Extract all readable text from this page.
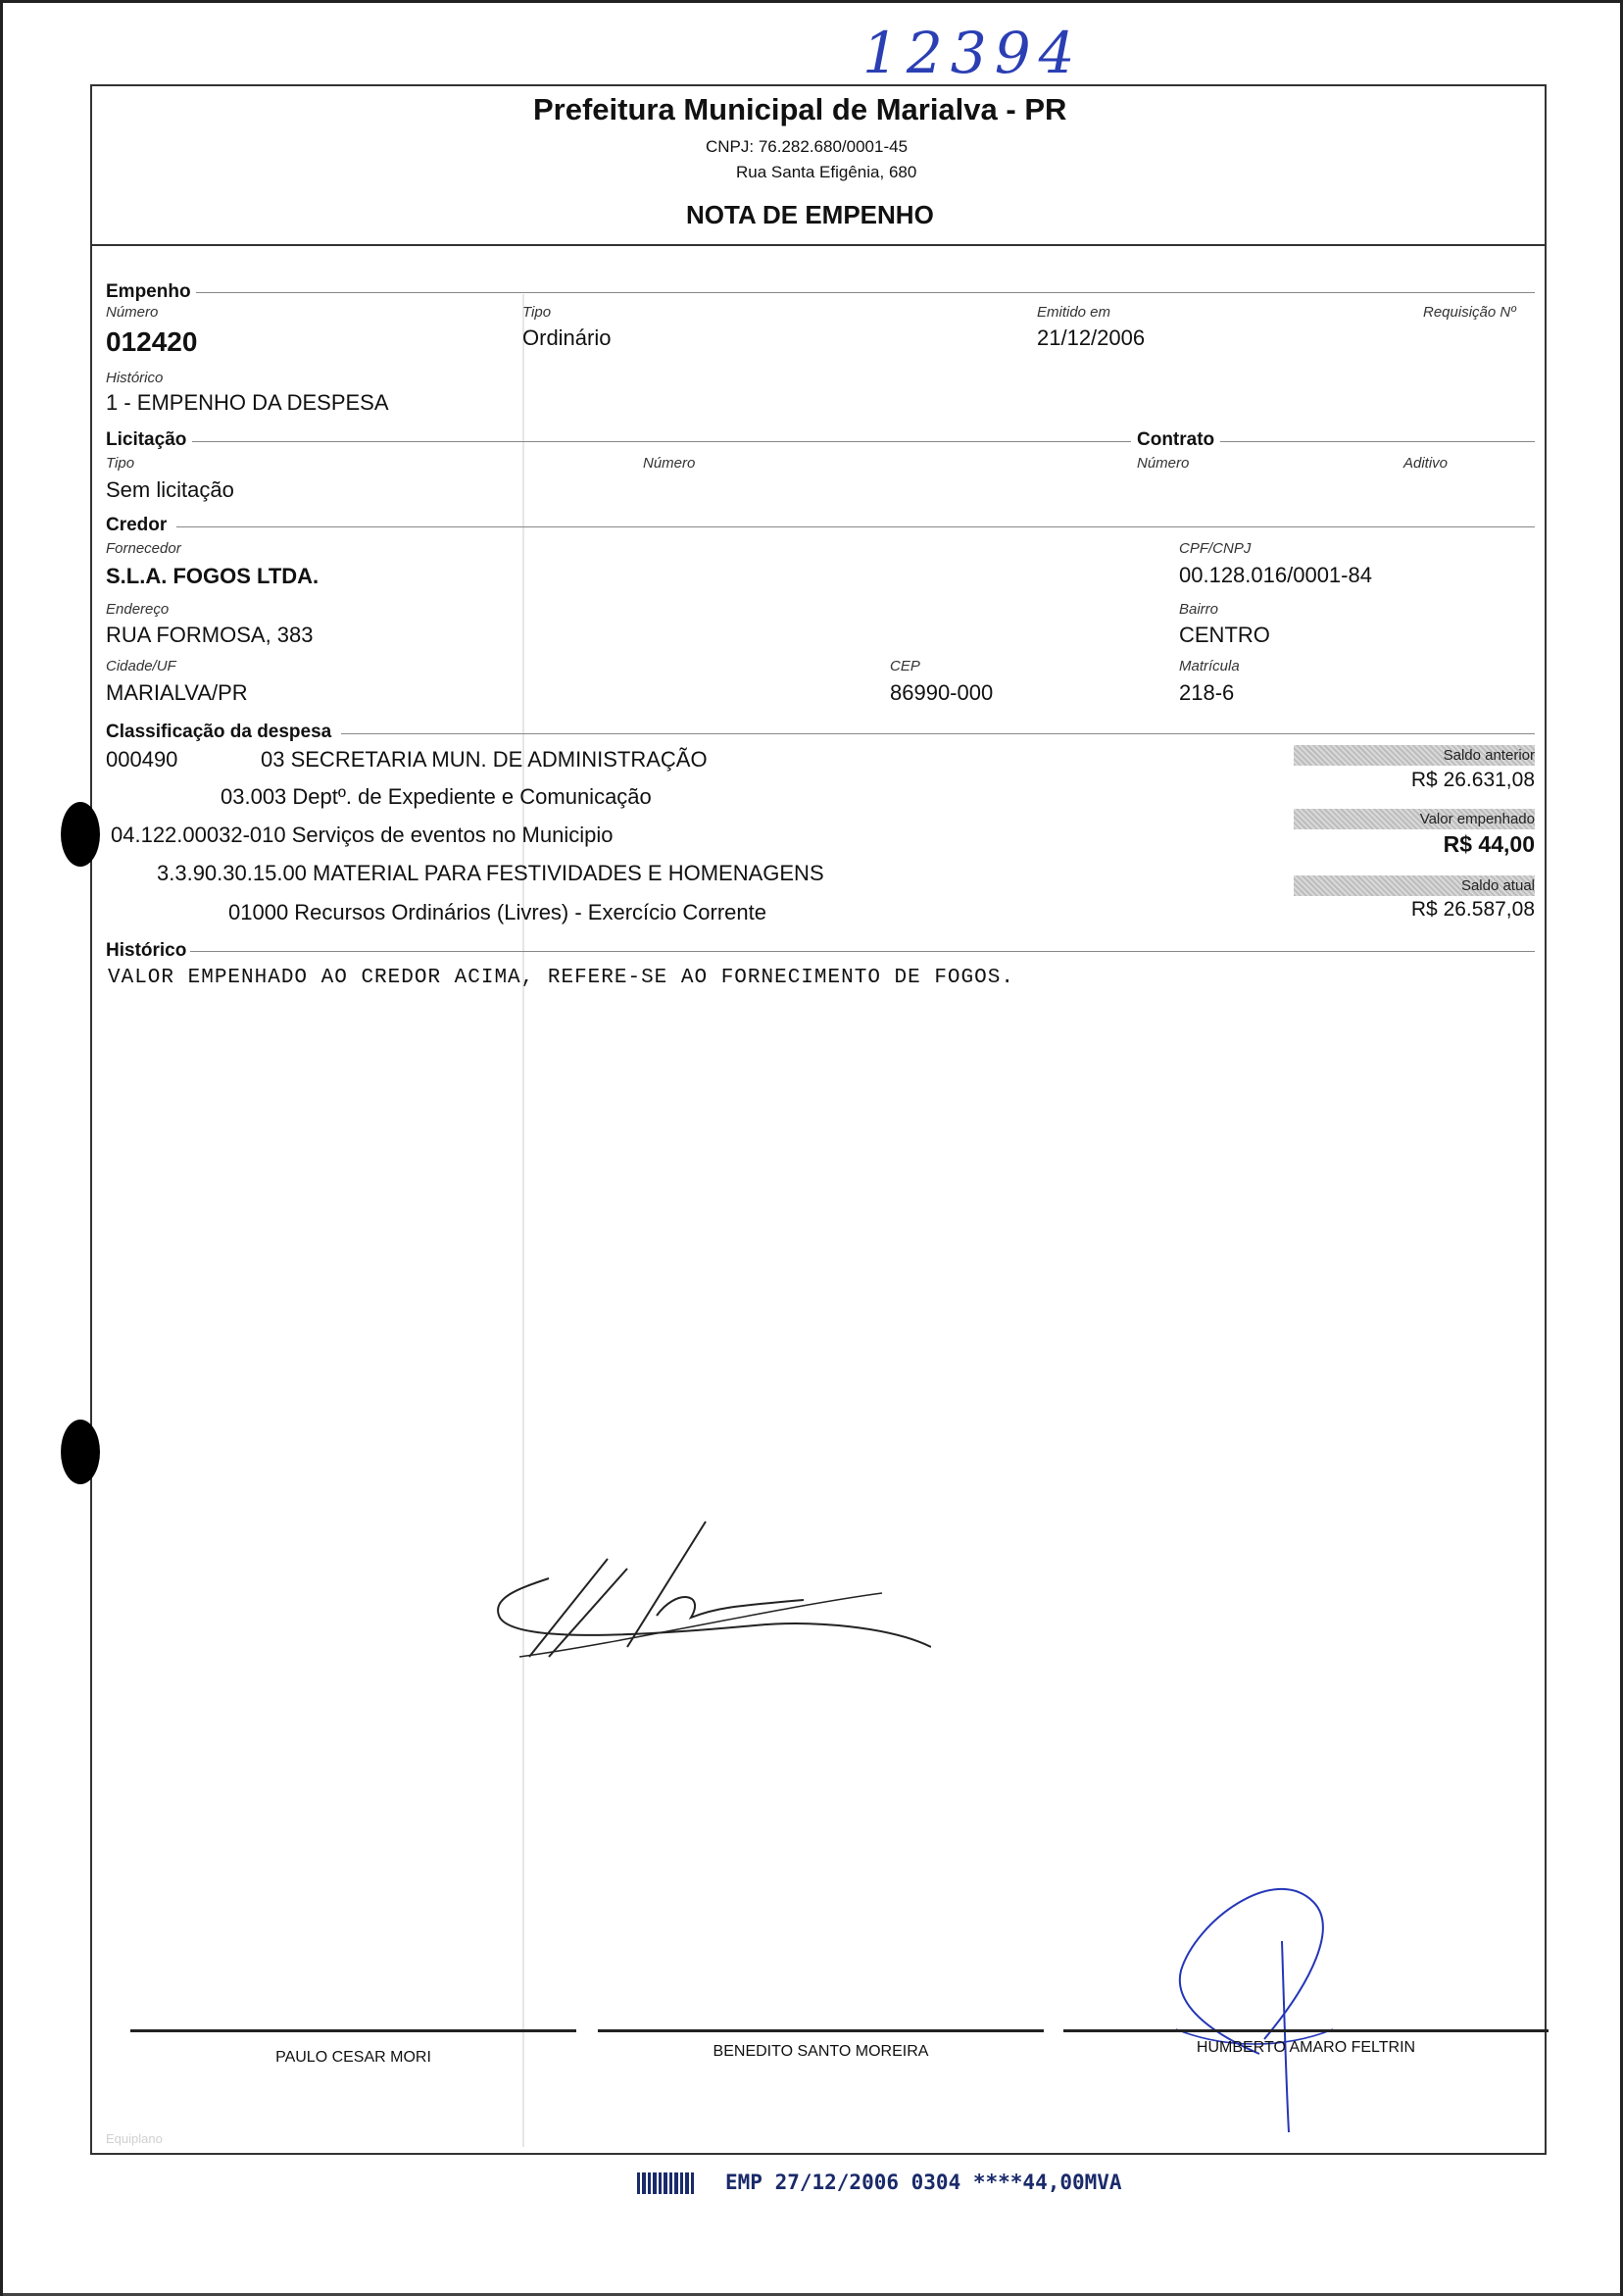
12394
Prefeitura Municipal de Marialva - PR
CNPJ: 76.282.680/0001-45
Rua Santa Efigênia, 680
NOTA DE EMPENHO
Empenho
Número
012420
Tipo
Ordinário
Emitido em
21/12/2006
Requisição Nº
Histórico
1 - EMPENHO DA DESPESA
Licitação	Contrato
Tipo
Sem licitação
Número	Número	Aditivo
Credor
Fornecedor
S.L.A. FOGOS LTDA.
CPF/CNPJ
00.128.016/0001-84
Endereço
RUA FORMOSA, 383
Bairro
CENTRO
Cidade/UF
MARIALVA/PR
CEP
86990-000
Matrícula
218-6
Classificação da despesa
000490	03 SECRETARIA MUN. DE ADMINISTRAÇÃO
03.003 Deptº. de Expediente e Comunicação
04.122.00032-010 Serviços de eventos no Municipio
3.3.90.30.15.00 MATERIAL PARA FESTIVIDADES E HOMENAGENS
01000 Recursos Ordinários (Livres) - Exercício Corrente
Saldo anterior
R$ 26.631,08
Valor empenhado
R$ 44,00
Saldo atual
R$ 26.587,08
Histórico
VALOR EMPENHADO AO CREDOR ACIMA, REFERE-SE AO FORNECIMENTO DE FOGOS.
PAULO CESAR MORI	BENEDITO SANTO MOREIRA	HUMBERTO AMARO FELTRIN
Equiplano
EMP 27/12/2006 0304 ****44,00MVA
